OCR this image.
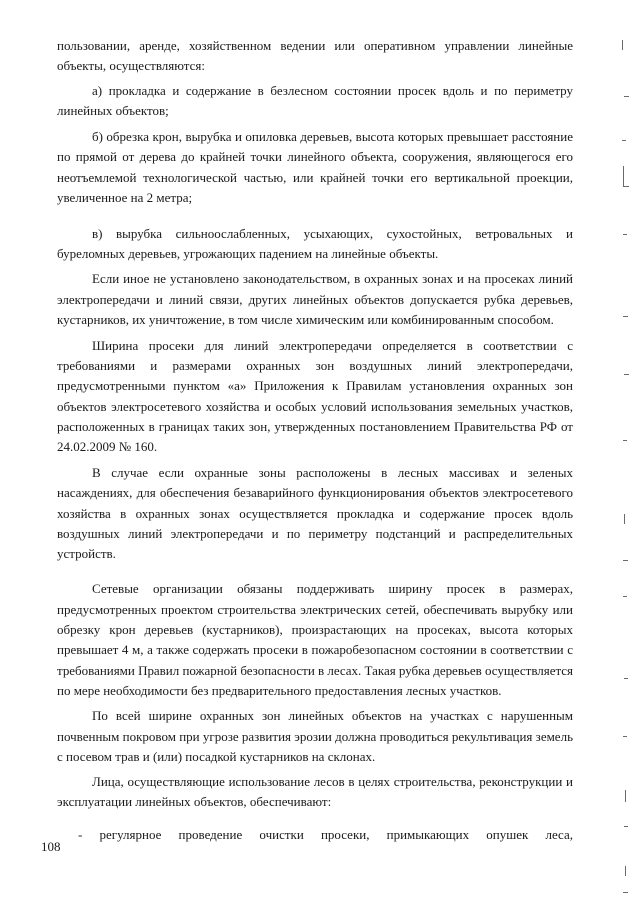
пользовании, аренде, хозяйственном ведении или оперативном управлении линейные
объекты, осуществляются:
а) прокладка и содержание в безлесном состоянии просек вдоль и по периметру
линейных объектов;
б) обрезка крон, вырубка и опиловка деревьев, высота которых превышает расстояние
по прямой от дерева до крайней точки линейного объекта, сооружения, являющегося его
неотъемлемой технологической частью, или крайней точки его вертикальной проекции,
увеличенное на 2 метра;
в) вырубка сильноослабленных, усыхающих, сухостойных, ветровальных и
буреломных деревьев, угрожающих падением на линейные объекты.
Если иное не установлено законодательством, в охранных зонах и на просеках линий
электропередачи и линий связи, других линейных объектов допускается рубка деревьев,
кустарников, их уничтожение, в том числе химическим или комбинированным способом.
Ширина просеки для линий электропередачи определяется в соответствии с
требованиями и размерами охранных зон воздушных линий электропередачи,
предусмотренными пунктом «а» Приложения к Правилам установления охранных зон
объектов электросетевого хозяйства и особых условий использования земельных участков,
расположенных в границах таких зон, утвержденных постановлением Правительства РФ от
24.02.2009 № 160.
В случае если охранные зоны расположены в лесных массивах и зеленых
насаждениях, для обеспечения безаварийного функционирования объектов электросетевого
хозяйства в охранных зонах осуществляется прокладка и содержание просек вдоль
воздушных линий электропередачи и по периметру подстанций и распределительных
устройств.
Сетевые организации обязаны поддерживать ширину просек в размерах,
предусмотренных проектом строительства электрических сетей, обеспечивать вырубку или
обрезку крон деревьев (кустарников), произрастающих на просеках, высота которых
превышает 4 м, а также содержать просеки в пожаробезопасном состоянии в соответствии с
требованиями Правил пожарной безопасности в лесах. Такая рубка деревьев осуществляется
по мере необходимости без предварительного предоставления лесных участков.
По всей ширине охранных зон линейных объектов на участках с нарушенным
почвенным покровом при угрозе развития эрозии должна проводиться рекультивация земель
с посевом трав и (или) посадкой кустарников на склонах.
Лица, осуществляющие использование лесов в целях строительства, реконструкции и
эксплуатации линейных объектов, обеспечивают:
- регулярное проведение очистки просеки, примыкающих опушек леса,
108
